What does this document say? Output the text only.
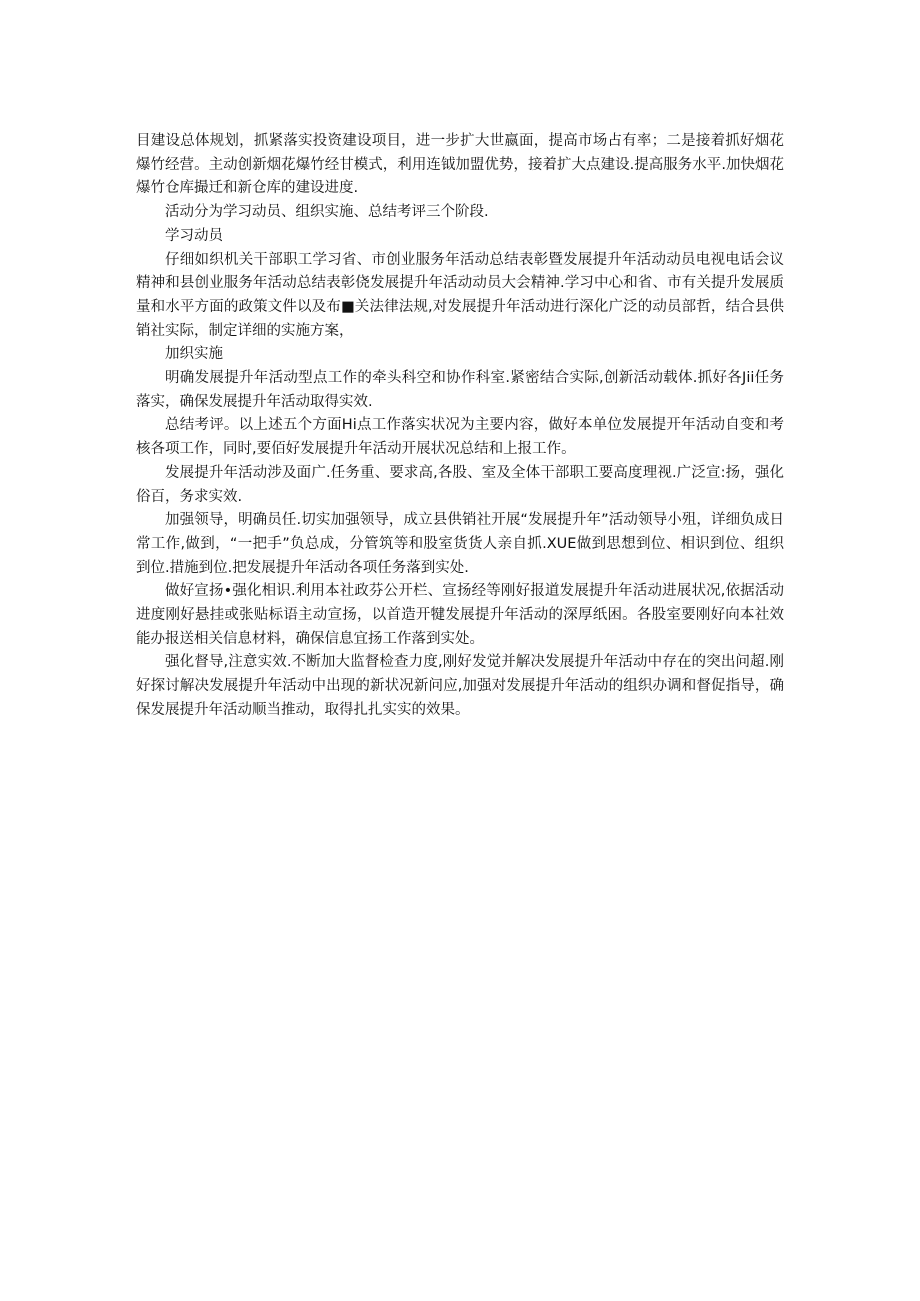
目建设总体规划，抓紧落实投资建设项目，进一步扩大世嬴面，提高市场占有率；二是接着抓好烟花爆竹经营。主动创新烟花爆竹经甘模式，利用连钺加盟优势，接着扩大点建设.提高服务水平.加快烟花爆竹仓库撮迁和新仓库的建设进度.

活动分为学习动员、组织实施、总结考评三个阶段.

学习动员

仔细如织机关干部职工学习省、市创业服务年活动总结表彰暨发展提升年活动动员电视电话会议精神和县创业服务年活动总结表彰侥发展提升年活动动员大会精神.学习中心和省、市有关提升发展质量和水平方面的政策文件以及布■关法律法规,对发展提升年活动进行深化广泛的动员部哲，结合县供销社实际，制定详细的实施方案，

加织实施

明确发展提升年活动型点工作的牵头科空和协作科室.紧密结合实际,创新活动载体.抓好各Jii任务落实，确保发展提升年活动取得实效.

总结考评。以上述五个方面Hi点工作落实状况为主要内容，做好本单位发展提开年活动自变和考核各项工作，同时,要佰好发展提升年活动开展状况总结和上报工作。

发展提升年活动涉及面广.任务重、要求高,各股、室及全体干部职工要高度理视.广泛宣:扬，强化俗百，务求实效.

加强领导，明确员任.切实加强领导，成立县供销社开展“发展提升年”活动领导小殂，详细负成日常工作,做到，“一把手”负总成，分管筑等和股室货货人亲自抓.XUE做到思想到位、相识到位、组织到位.措施到位.把发展提升年活动各项任务落到实处.

做好宣扬•强化相识.利用本社政芬公开栏、宣扬经等刚好报道发展提升年活动进展状况,依据活动进度刚好悬挂或张贴标语主动宣扬，以首造开犍发展提升年活动的深厚纸困。各股室要刚好向本社效能办报送相关信息材料，确保信息宜扬工作落到实处。

强化督导,注意实效.不断加大监督检查力度,刚好发觉并解决发展提升年活动中存在的突出问超.刚好探讨解决发展提升年活动中出现的新状况新问应,加强对发展提升年活动的组织办调和督促指导，确保发展提升年活动顺当推动，取得扎扎实实的效果。
